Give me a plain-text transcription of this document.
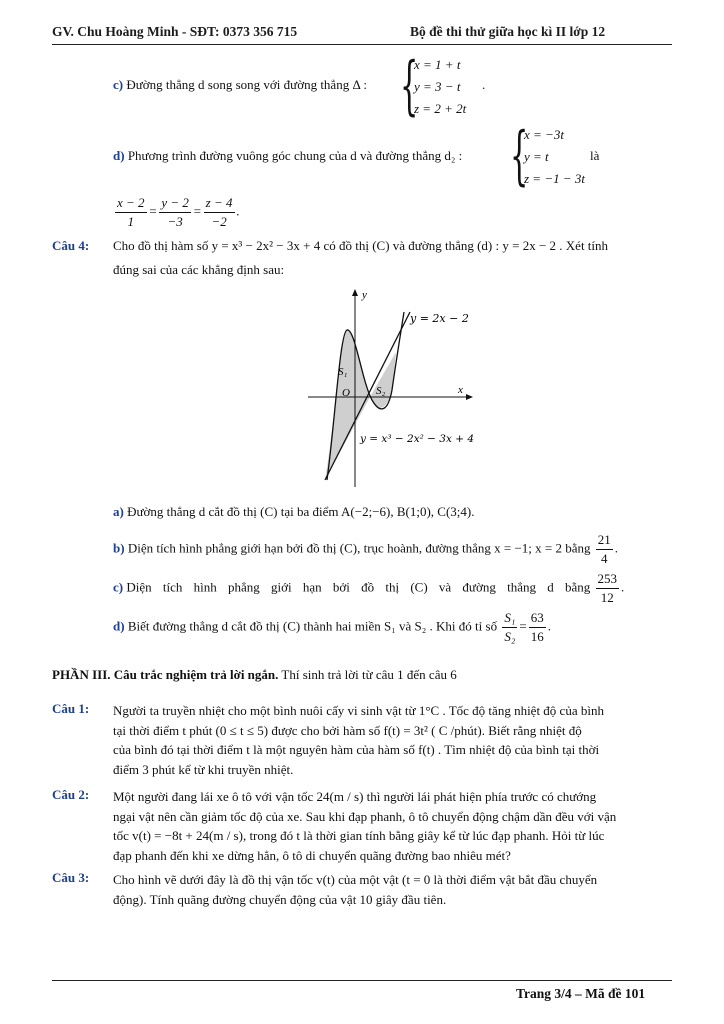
GV. Chu Hoàng Minh - SĐT: 0373 356 715	Bộ đề thi thử giữa học kì II lớp 12
c) Đường thẳng d song song với đường thẳng Δ : {
x = 1 + t
y = 3 − t
z = 2 + 2t
.
d) Phương trình đường vuông góc chung của d và đường thẳng d₂ : {
x = −3t
y = t
z = −1 − 3t
là
$\frac{x - 2}{1} = \frac{y - 2}{-3} = \frac{z - 4}{-2}$ .
Câu 4: Cho đồ thị hàm số y = x³ − 2x² − 3x + 4 có đồ thị (C) và đường thẳng (d) : y = 2x − 2 . Xét tính
đúng sai của các khẳng định sau:
y
x
O
S₁
S₂
y = 2x − 2
y = x³ − 2x² − 3x + 4
a) Đường thẳng d cắt đồ thị (C) tại ba điểm A(−2;−6), B(1;0), C(3;4).
b) Diện tích hình phẳng giới hạn bởi đồ thị (C), trục hoành, đường thẳng x = −1; x = 2 bằng $\frac{21}{4}$ .
c) Diện tích hình phẳng giới hạn bởi đồ thị (C) và đường thẳng d bằng $\frac{253}{12}$ .
d) Biết đường thẳng d cắt đồ thị (C) thành hai miền S₁ và S₂ . Khi đó tỉ số $\frac{\text{S₁}}{\text{S₂}} = \frac{63}{16}$ .
PHẦN III. Câu trắc nghiệm trả lời ngắn. Thí sinh trả lời từ câu 1 đến câu 6
Câu 1: Người ta truyền nhiệt cho một bình nuôi cấy vi sinh vật từ 1°C . Tốc độ tăng nhiệt độ của bình
tại thời điểm t phút (0 ≤ t ≤ 5) được cho bởi hàm số f(t) = 3t² ( C /phút). Biết rằng nhiệt độ
của bình đó tại thời điểm t là một nguyên hàm của hàm số f(t) . Tìm nhiệt độ của bình tại thời
điểm 3 phút kể từ khi truyền nhiệt.
Câu 2: Một người đang lái xe ô tô với vận tốc 24(m / s) thì người lái phát hiện phía trước có chướng
ngại vật nên cần giảm tốc độ của xe. Sau khi đạp phanh, ô tô chuyển động chậm dần đều với vận
tốc v(t) = −8t + 24(m / s), trong đó t là thời gian tính bằng giây kể từ lúc đạp phanh. Hỏi từ lúc
đạp phanh đến khi xe dừng hẳn, ô tô di chuyển quãng đường bao nhiêu mét?
Câu 3: Cho hình vẽ dưới đây là đồ thị vận tốc v(t) của một vật (t = 0 là thời điểm vật bắt đầu chuyển
động). Tính quãng đường chuyển động của vật 10 giây đầu tiên.
Trang 3/4 – Mã đề 101
